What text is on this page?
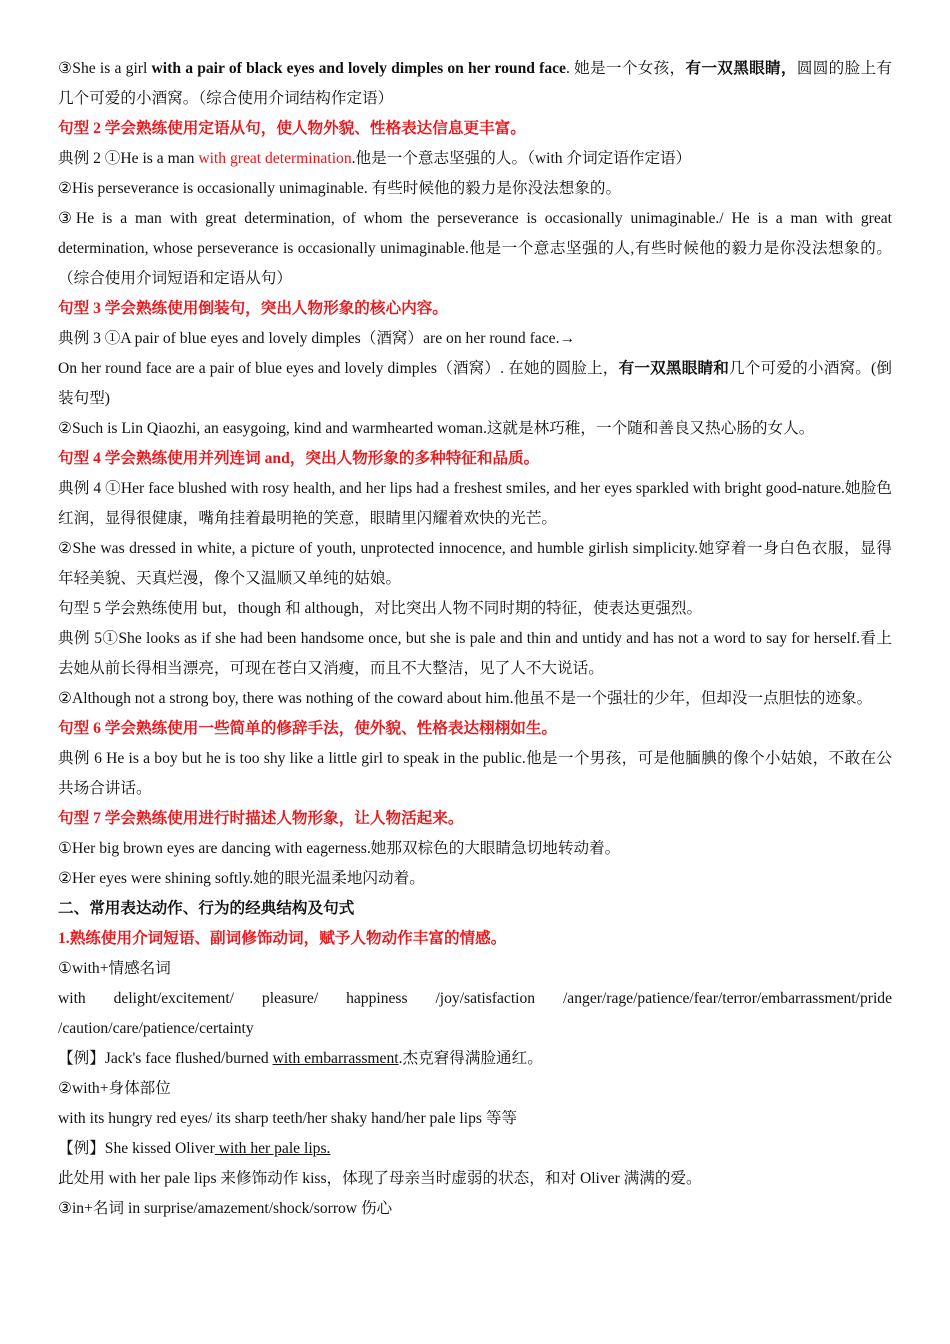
③She is a girl with a pair of black eyes and lovely dimples on her round face. 她是一个女孩，有一双黑眼睛，圆圆的脸上有几个可爱的小酒窝。（综合使用介词结构作定语）

句型 2 学会熟练使用定语从句，使人物外貌、性格表达信息更丰富。

典例 2 ①He is a man with great determination.他是一个意志坚强的人。（with 介词定语作定语）

②His perseverance is occasionally unimaginable. 有些时候他的毅力是你没法想象的。

③He is a man with great determination, of whom the perseverance is occasionally unimaginable./ He is a man with great determination, whose perseverance is occasionally unimaginable.他是一个意志坚强的人,有些时候他的毅力是你没法想象的。（综合使用介词短语和定语从句）

句型 3 学会熟练使用倒装句，突出人物形象的核心内容。

典例 3 ①A pair of blue eyes and lovely dimples（酒窝）are on her round face.→

On her round face are a pair of blue eyes and lovely dimples（酒窝）. 在她的圆脸上，有一双黑眼睛和几个可爱的小酒窝。(倒装句型)

②Such is Lin Qiaozhi, an easygoing, kind and warmhearted woman.这就是林巧稚，一个随和善良又热心肠的女人。

句型 4 学会熟练使用并列连词 and，突出人物形象的多种特征和品质。

典例 4 ①Her face blushed with rosy health, and her lips had a freshest smiles, and her eyes sparkled with bright good-nature.她脸色红润，显得很健康，嘴角挂着最明艳的笑意，眼睛里闪耀着欢快的光芒。

②She was dressed in white, a picture of youth, unprotected innocence, and humble girlish simplicity.她穿着一身白色衣服，显得年轻美貌、天真烂漫，像个又温顺又单纯的姑娘。

句型 5 学会熟练使用 but，though 和 although，对比突出人物不同时期的特征，使表达更强烈。

典例 5①She looks as if she had been handsome once, but she is pale and thin and untidy and has not a word to say for herself.看上去她从前长得相当漂亮，可现在苍白又消瘦，而且不大整洁，见了人不大说话。

②Although not a strong boy, there was nothing of the coward about him.他虽不是一个强壮的少年，但却没一点胆怯的迹象。

句型 6 学会熟练使用一些简单的修辞手法，使外貌、性格表达栩栩如生。

典例 6 He is a boy but he is too shy like a little girl to speak in the public.他是一个男孩，可是他腼腆的像个小姑娘，不敢在公共场合讲话。

句型 7 学会熟练使用进行时描述人物形象，让人物活起来。

①Her big brown eyes are dancing with eagerness.她那双棕色的大眼睛急切地转动着。

②Her eyes were shining softly.她的眼光温柔地闪动着。

二、常用表达动作、行为的经典结构及句式

1.熟练使用介词短语、副词修饰动词，赋予人物动作丰富的情感。

①with+情感名词

with delight/excitement/ pleasure/ happiness /joy/satisfaction /anger/rage/patience/fear/terror/embarrassment/pride /caution/care/patience/certainty

【例】Jack's face flushed/burned with embarrassment.杰克窘得满脸通红。

②with+身体部位

with its hungry red eyes/ its sharp teeth/her shaky hand/her pale lips 等等

【例】She kissed Oliver with her pale lips.

此处用 with her pale lips 来修饰动作 kiss，体现了母亲当时虚弱的状态，和对 Oliver 满满的爱。

③in+名词 in surprise/amazement/shock/sorrow 伤心
